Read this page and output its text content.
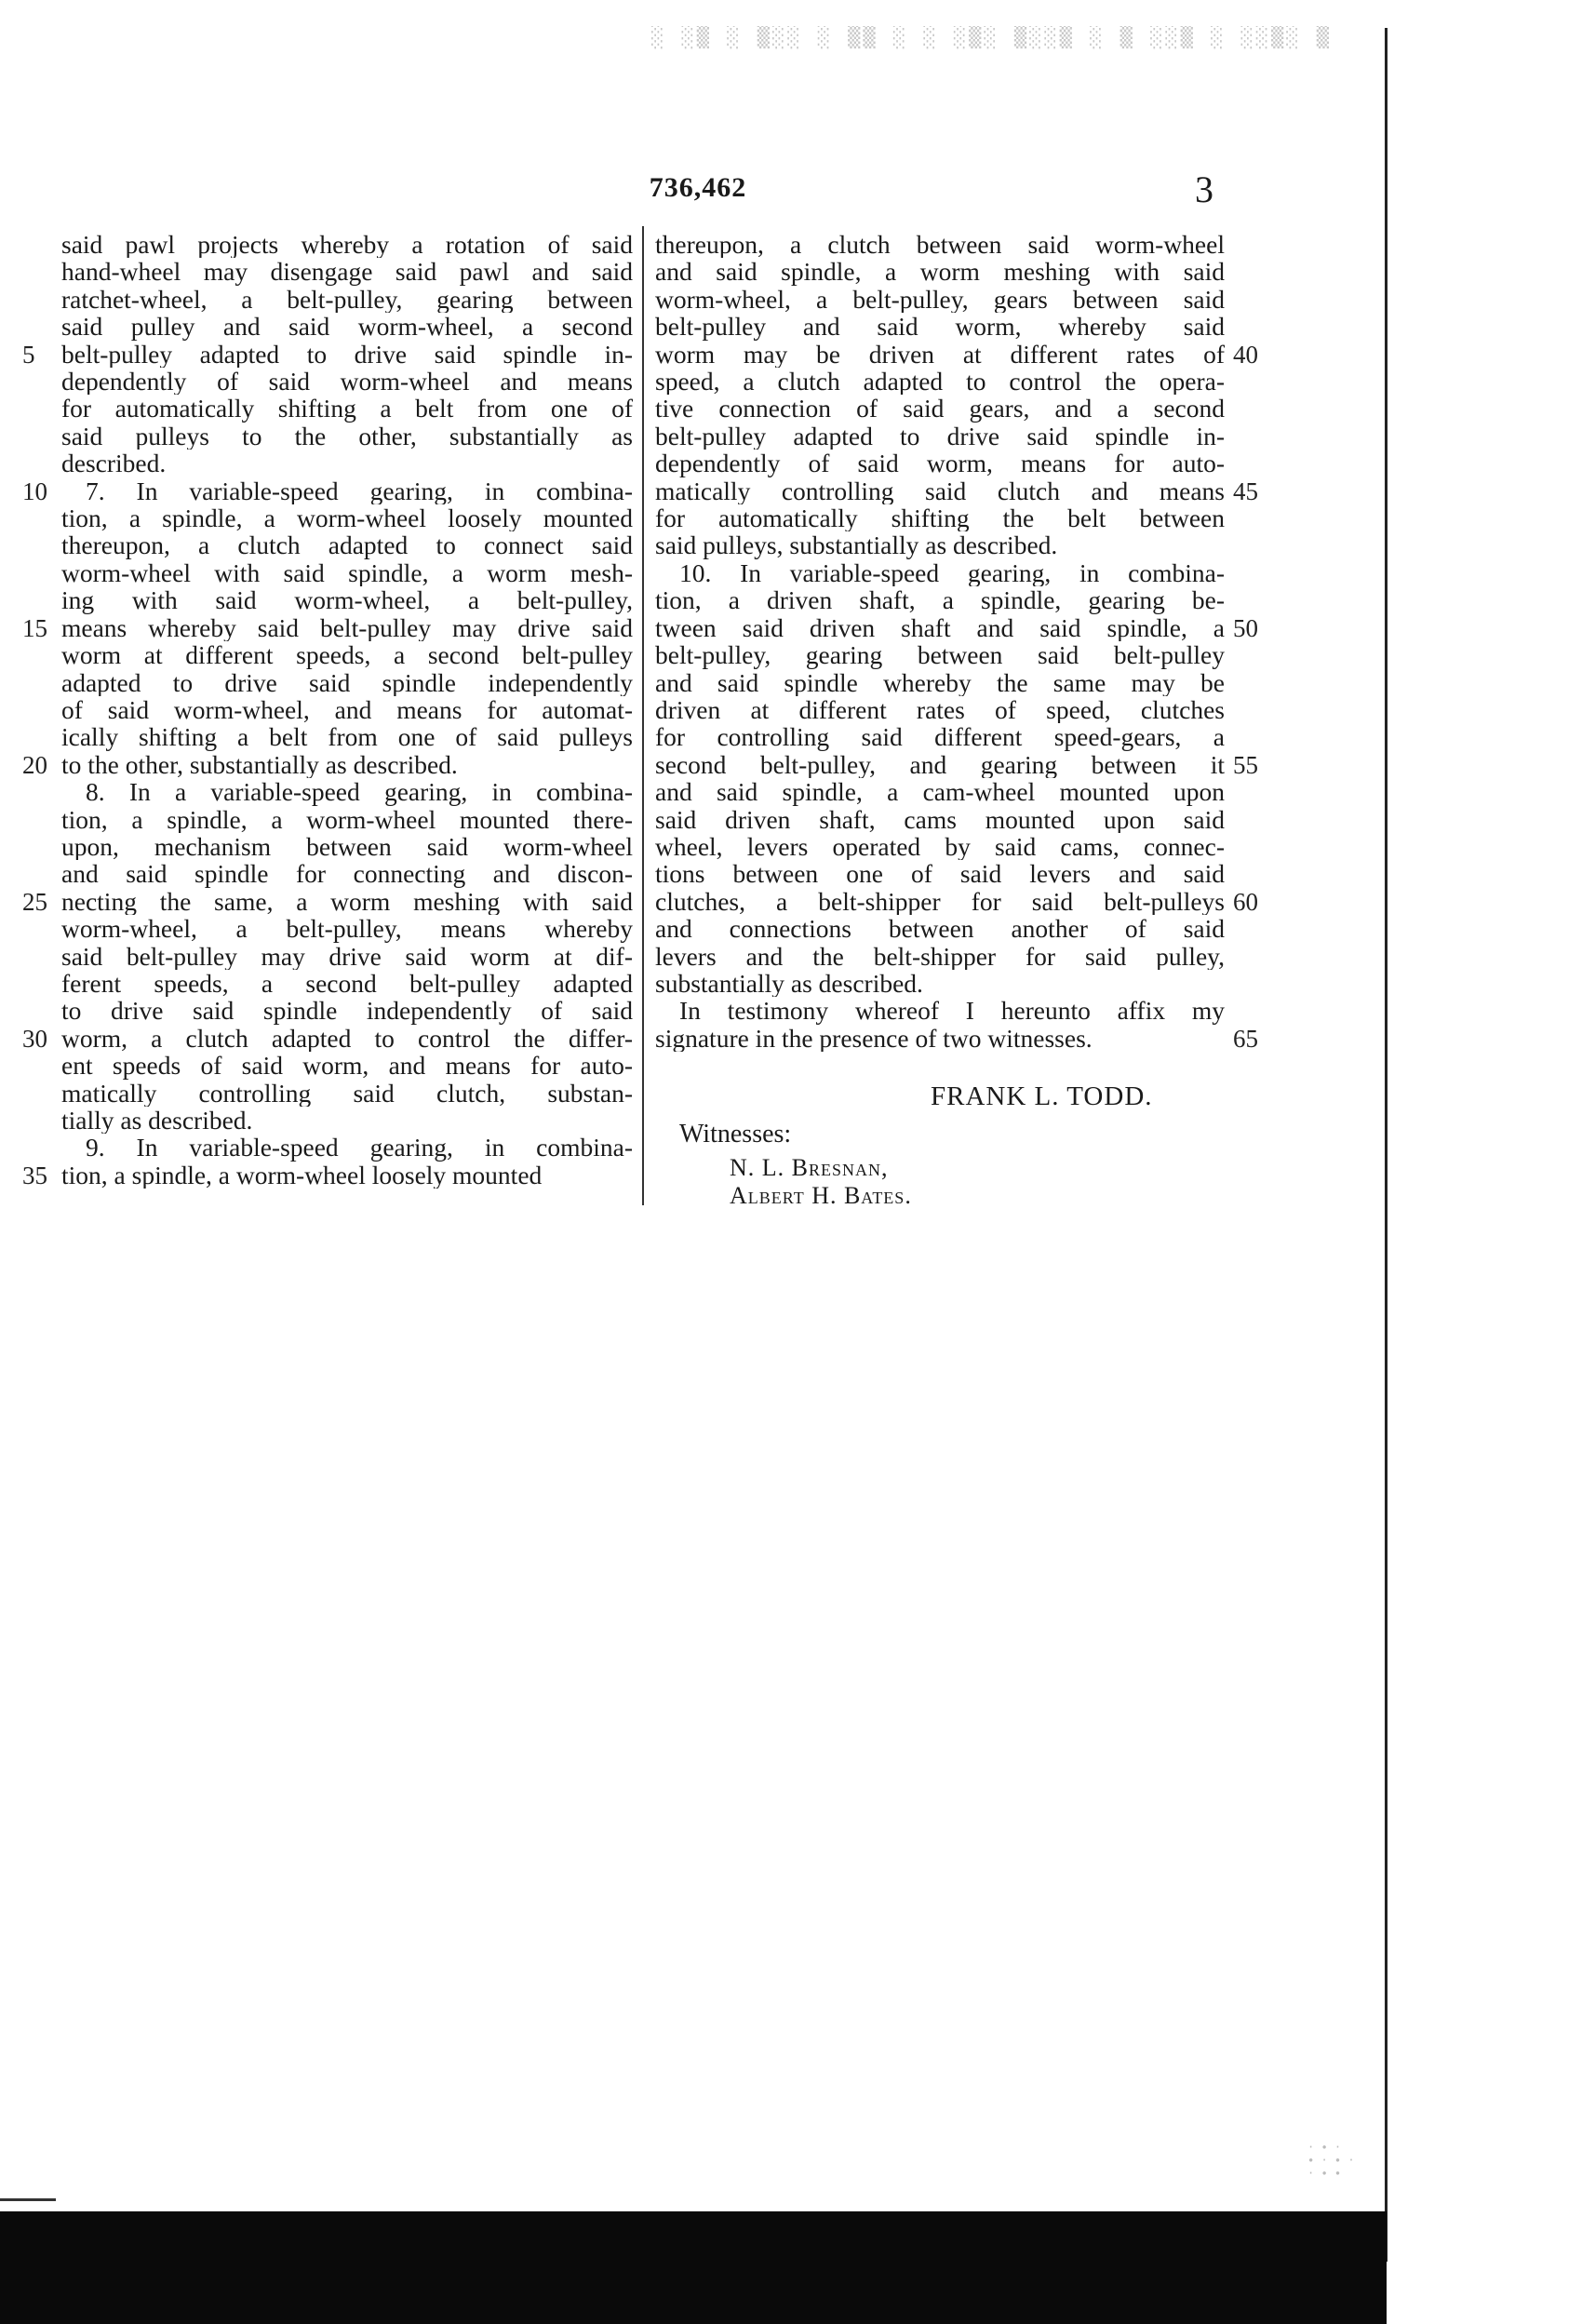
░ ░▒ ░ ▒░░ ░ ▒▒ ░ ░ ░▒░ ▒░░▒ ░ ▒ ░░▒ ░ ░░▒░ ▒
736,462	3
said pawl projects whereby a rotation of said
hand-wheel may disengage said pawl and said
ratchet-wheel, a belt-pulley, gearing between
said pulley and said worm-wheel, a second
belt-pulley adapted to drive said spindle in-
dependently of said worm-wheel and means
for automatically shifting a belt from one of
said pulleys to the other, substantially as
described.
7. In variable-speed gearing, in combina-
tion, a spindle, a worm-wheel loosely mounted
thereupon, a clutch adapted to connect said
worm-wheel with said spindle, a worm mesh-
ing with said worm-wheel, a belt-pulley,
means whereby said belt-pulley may drive said
worm at different speeds, a second belt-pulley
adapted to drive said spindle independently
of said worm-wheel, and means for automat-
ically shifting a belt from one of said pulleys
to the other, substantially as described.
8. In a variable-speed gearing, in combina-
tion, a spindle, a worm-wheel mounted there-
upon, mechanism between said worm-wheel
and said spindle for connecting and discon-
necting the same, a worm meshing with said
worm-wheel, a belt-pulley, means whereby
said belt-pulley may drive said worm at dif-
ferent speeds, a second belt-pulley adapted
to drive said spindle independently of said
worm, a clutch adapted to control the differ-
ent speeds of said worm, and means for auto-
matically controlling said clutch, substan-
tially as described.
9. In variable-speed gearing, in combina-
tion, a spindle, a worm-wheel loosely mounted
thereupon, a clutch between said worm-wheel
and said spindle, a worm meshing with said
worm-wheel, a belt-pulley, gears between said
belt-pulley and said worm, whereby said
worm may be driven at different rates of
speed, a clutch adapted to control the opera-
tive connection of said gears, and a second
belt-pulley adapted to drive said spindle in-
dependently of said worm, means for auto-
matically controlling said clutch and means
for automatically shifting the belt between
said pulleys, substantially as described.
10. In variable-speed gearing, in combina-
tion, a driven shaft, a spindle, gearing be-
tween said driven shaft and said spindle, a
belt-pulley, gearing between said belt-pulley
and said spindle whereby the same may be
driven at different rates of speed, clutches
for controlling said different speed-gears, a
second belt-pulley, and gearing between it
and said spindle, a cam-wheel mounted upon
said driven shaft, cams mounted upon said
wheel, levers operated by said cams, connec-
tions between one of said levers and said
clutches, a belt-shipper for said belt-pulleys
and connections between another of said
levers and the belt-shipper for said pulley,
substantially as described.
In testimony whereof I hereunto affix my
signature in the presence of two witnesses.
5
10
15
20
25
30
35
40
45
50
55
60
65
FRANK L. TODD.
Witnesses:
N. L. Bresnan,
Albert H. Bates.
· ∙ ·
∙ · ∙ ·
· ∙ ∙
